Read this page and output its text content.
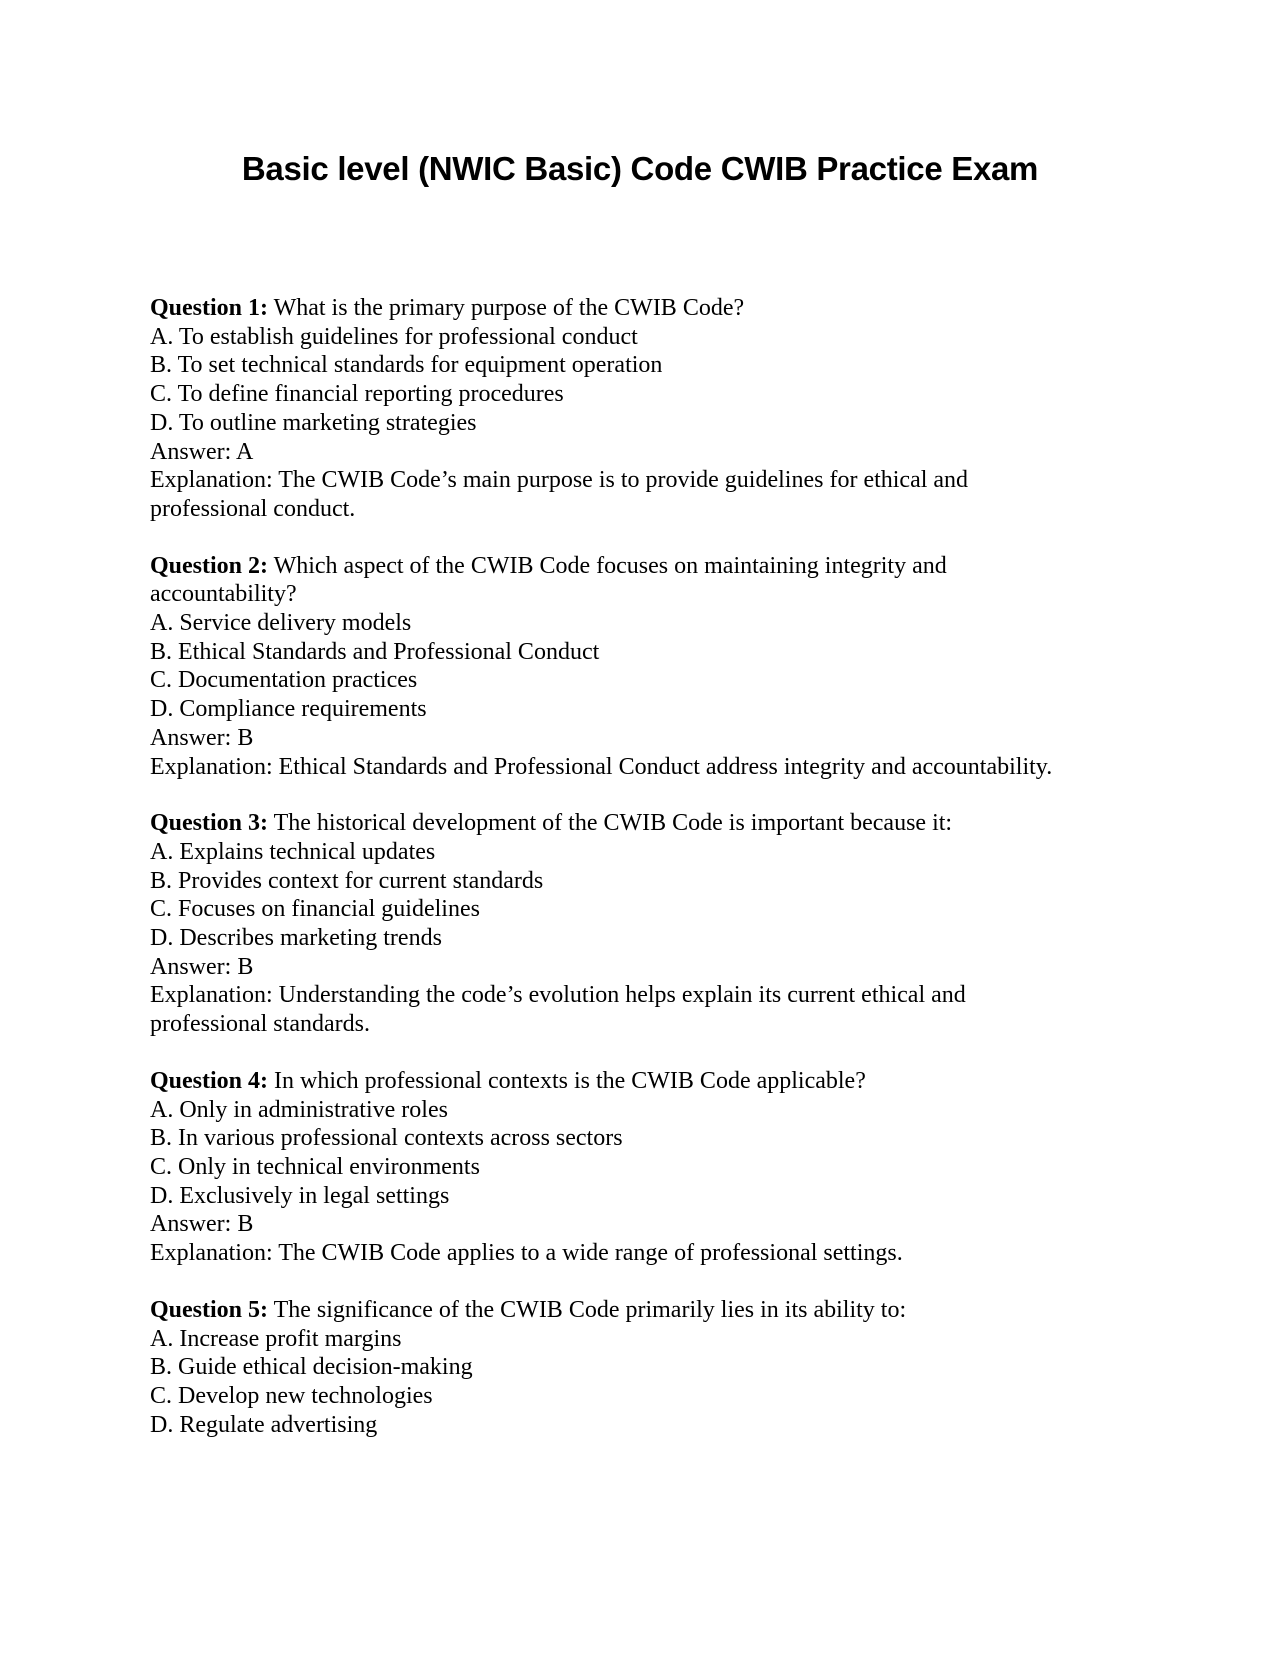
Basic level (NWIC Basic) Code CWIB Practice Exam

Question 1: What is the primary purpose of the CWIB Code?

A. To establish guidelines for professional conduct

B. To set technical standards for equipment operation

C. To define financial reporting procedures

D. To outline marketing strategies

Answer: A

Explanation: The CWIB Code’s main purpose is to provide guidelines for ethical and professional conduct.

Question 2: Which aspect of the CWIB Code focuses on maintaining integrity and accountability?

A. Service delivery models

B. Ethical Standards and Professional Conduct

C. Documentation practices

D. Compliance requirements

Answer: B

Explanation: Ethical Standards and Professional Conduct address integrity and accountability.

Question 3: The historical development of the CWIB Code is important because it:

A. Explains technical updates

B. Provides context for current standards

C. Focuses on financial guidelines

D. Describes marketing trends

Answer: B

Explanation: Understanding the code’s evolution helps explain its current ethical and professional standards.

Question 4: In which professional contexts is the CWIB Code applicable?

A. Only in administrative roles

B. In various professional contexts across sectors

C. Only in technical environments

D. Exclusively in legal settings

Answer: B

Explanation: The CWIB Code applies to a wide range of professional settings.

Question 5: The significance of the CWIB Code primarily lies in its ability to:

A. Increase profit margins

B. Guide ethical decision-making

C. Develop new technologies

D. Regulate advertising
